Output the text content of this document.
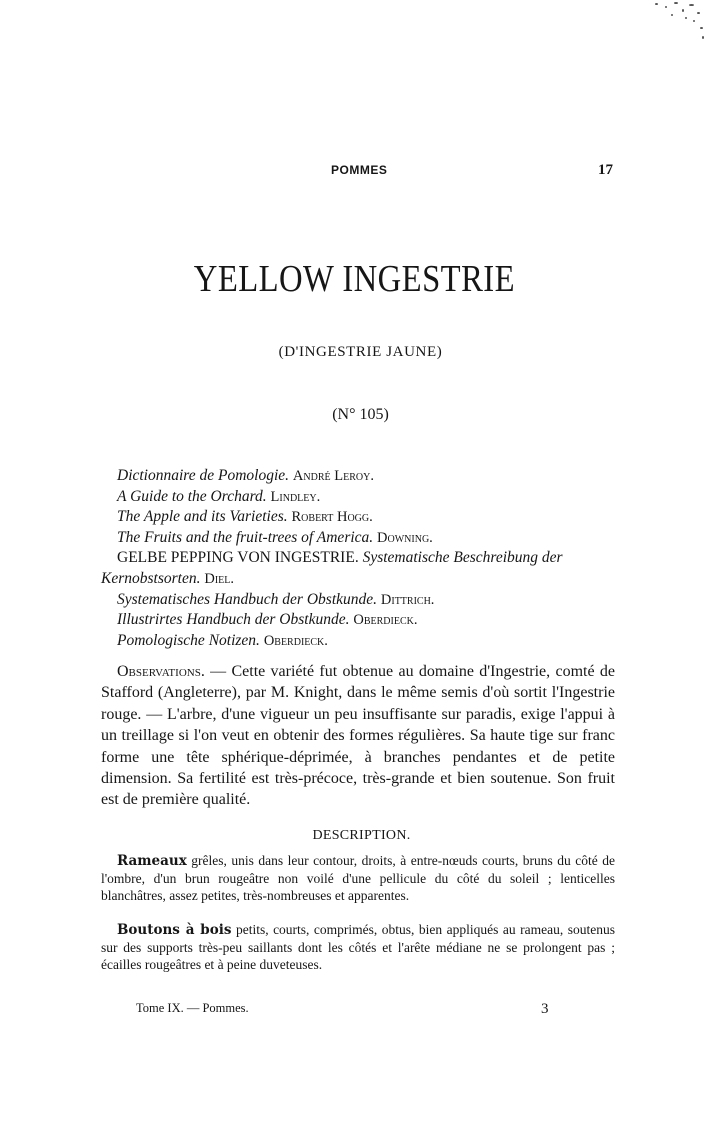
POMMES	17
YELLOW INGESTRIE
(D'INGESTRIE JAUNE)
(N° 105)
Dictionnaire de Pomologie. André Leroy.
A Guide to the Orchard. Lindley.
The Apple and its Varieties. Robert Hogg.
The Fruits and the fruit-trees of America. Downing.
GELBE PEPPING VON INGESTRIE. Systematische Beschreibung der
Kernobstsorten. Diel.
Systematisches Handbuch der Obstkunde. Dittrich.
Illustrirtes Handbuch der Obstkunde. Oberdieck.
Pomologische Notizen. Oberdieck.

Observations. — Cette variété fut obtenue au domaine d'Ingestrie, comté de Stafford (Angleterre), par M. Knight, dans le même semis d'où sortit l'Ingestrie rouge. — L'arbre, d'une vigueur un peu insuffisante sur paradis, exige l'appui à un treillage si l'on veut en obtenir des formes régulières. Sa haute tige sur franc forme une tête sphérique-déprimée, à branches pendantes et de petite dimension. Sa fertilité est très-précoce, très-grande et bien soutenue. Son fruit est de première qualité.

DESCRIPTION.

Rameaux grêles, unis dans leur contour, droits, à entre-nœuds courts, bruns du côté de l'ombre, d'un brun rougeâtre non voilé d'une pellicule du côté du soleil ; lenticelles blanchâtres, assez petites, très-nombreuses et apparentes.

Boutons à bois petits, courts, comprimés, obtus, bien appliqués au rameau, soutenus sur des supports très-peu saillants dont les côtés et l'arête médiane ne se prolongent pas ; écailles rougeâtres et à peine duveteuses.

Tome IX. — Pommes.	3
